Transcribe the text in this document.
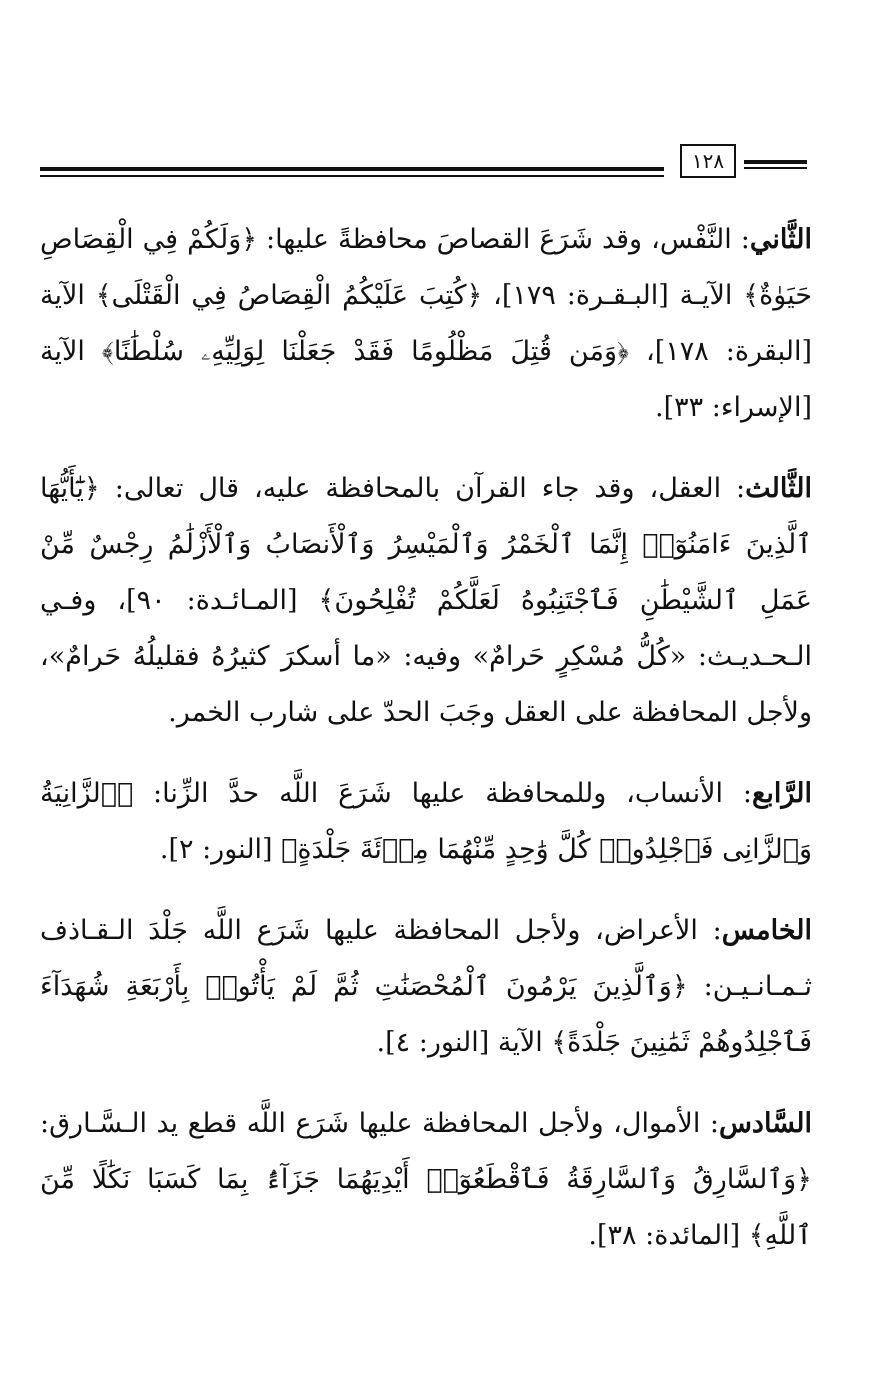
١٢٨

الثَّاني: النَّفْس، وقد شَرَعَ القصاصَ محافظةً عليها: ﴿وَلَكُمْ فِي الْقِصَاصِ حَيَوٰةٌ﴾ الآيـة [البـقـرة: ١٧٩]، ﴿كُتِبَ عَلَيْكُمُ الْقِصَاصُ فِي الْقَتْلَى﴾ الآية [البقرة: ١٧٨]، ﴿وَمَن قُتِلَ مَظْلُومًا فَقَدْ جَعَلْنَا لِوَلِيِّهِۦ سُلْطَٰنًا﴾ الآية [الإسراء: ٣٣].

الثَّالث: العقل، وقد جاء القرآن بالمحافظة عليه، قال تعالى: ﴿يَٰٓأَيُّهَا ٱلَّذِينَ ءَامَنُوٓا۟ إِنَّمَا ٱلْخَمْرُ وَٱلْمَيْسِرُ وَٱلْأَنصَابُ وَٱلْأَزْلَٰمُ رِجْسٌ مِّنْ عَمَلِ ٱلشَّيْطَٰنِ فَٱجْتَنِبُوهُ لَعَلَّكُمْ تُفْلِحُونَ﴾ [المـائـدة: ٩٠]، وفـي الـحـديـث: «كُلُّ مُسْكِرٍ حَرامٌ» وفيه: «ما أسكرَ كثيرُهُ فقليلُهُ حَرامٌ»، ولأجل المحافظة على العقل وجَبَ الحدّ على شارب الخمر.

الرَّابع: الأنساب، وللمحافظة عليها شَرَعَ اللَّه حدَّ الزِّنا: ﴿ٱلزَّانِيَةُ وَٱلزَّانِى فَٱجْلِدُوا۟ كُلَّ وَٰحِدٍ مِّنْهُمَا مِا۟ئَةَ جَلْدَةٍ﴾ [النور: ٢].

الخامس: الأعراض، ولأجل المحافظة عليها شَرَع اللَّه جَلْدَ الـقـاذف ثـمـانـيـن: ﴿وَٱلَّذِينَ يَرْمُونَ ٱلْمُحْصَنَٰتِ ثُمَّ لَمْ يَأْتُوا۟ بِأَرْبَعَةِ شُهَدَآءَ فَٱجْلِدُوهُمْ ثَمَٰنِينَ جَلْدَةً﴾ الآية [النور: ٤].

السَّادس: الأموال، ولأجل المحافظة عليها شَرَع اللَّه قطع يد الـسَّـارق: ﴿وَٱلسَّارِقُ وَٱلسَّارِقَةُ فَٱقْطَعُوٓا۟ أَيْدِيَهُمَا جَزَآءًۢ بِمَا كَسَبَا نَكَٰلًا مِّنَ ٱللَّهِ﴾ [المائدة: ٣٨].
